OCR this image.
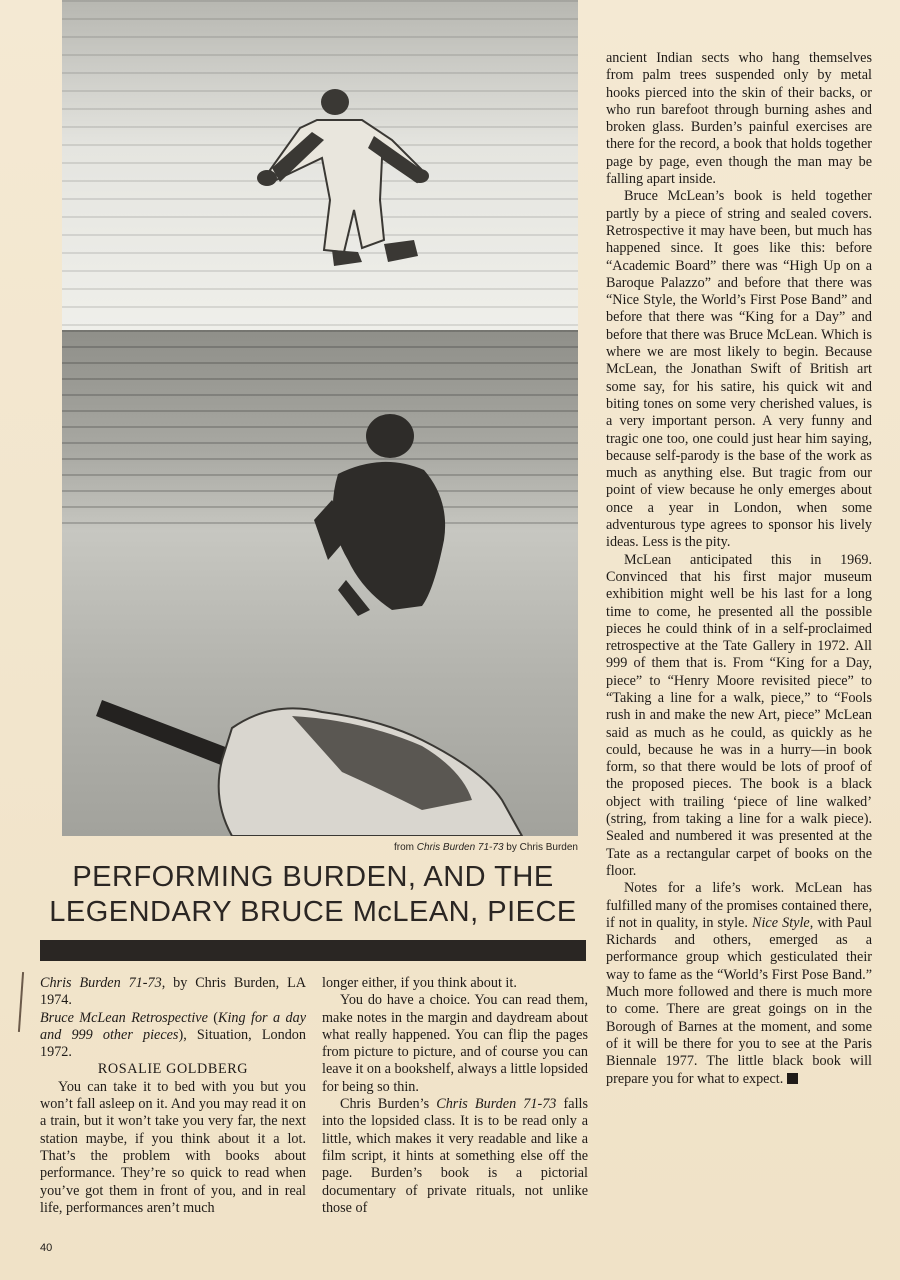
from Chris Burden 71-73 by Chris Burden
PERFORMING BURDEN, AND THE
LEGENDARY BRUCE McLEAN, PIECE

Chris Burden 71-73, by Chris Burden, LA 1974.

Bruce McLean Retrospective (King for a day and 999 other pieces), Situation, London 1972.

ROSALIE GOLDBERG

You can take it to bed with you but you won’t fall asleep on it. And you may read it on a train, but it won’t take you very far, the next station maybe, if you think about it a lot. That’s the problem with books about performance. They’re so quick to read when you’ve got them in front of you, and in real life, performances aren’t much

longer either, if you think about it.

You do have a choice. You can read them, make notes in the margin and daydream about what really happened. You can flip the pages from picture to picture, and of course you can leave it on a bookshelf, always a little lopsided for being so thin.

Chris Burden’s Chris Burden 71-73 falls into the lopsided class. It is to be read only a little, which makes it very readable and like a film script, it hints at something else off the page. Burden’s book is a pictorial documentary of private rituals, not unlike those of

ancient Indian sects who hang themselves from palm trees suspended only by metal hooks pierced into the skin of their backs, or who run barefoot through burning ashes and broken glass. Burden’s painful exercises are there for the record, a book that holds together page by page, even though the man may be falling apart inside.

Bruce McLean’s book is held together partly by a piece of string and sealed covers. Retrospective it may have been, but much has happened since. It goes like this: before “Academic Board” there was “High Up on a Baroque Palazzo” and before that there was “Nice Style, the World’s First Pose Band” and before that there was “King for a Day” and before that there was Bruce McLean. Which is where we are most likely to begin. Because McLean, the Jonathan Swift of British art some say, for his satire, his quick wit and biting tones on some very cherished values, is a very important person. A very funny and tragic one too, one could just hear him saying, because self-parody is the base of the work as much as anything else. But tragic from our point of view because he only emerges about once a year in London, when some adventurous type agrees to sponsor his lively ideas. Less is the pity.

McLean anticipated this in 1969. Convinced that his first major museum exhibition might well be his last for a long time to come, he presented all the possible pieces he could think of in a self-proclaimed retrospective at the Tate Gallery in 1972. All 999 of them that is. From “King for a Day, piece” to “Henry Moore revisited piece” to “Taking a line for a walk, piece,” to “Fools rush in and make the new Art, piece” McLean said as much as he could, as quickly as he could, because he was in a hurry—in book form, so that there would be lots of proof of the proposed pieces. The book is a black object with trailing ‘piece of line walked’ (string, from taking a line for a walk piece). Sealed and numbered it was presented at the Tate as a rectangular carpet of books on the floor.

Notes for a life’s work. McLean has fulfilled many of the promises contained there, if not in quality, in style. Nice Style, with Paul Richards and others, emerged as a performance group which gesticulated their way to fame as the “World’s First Pose Band.” Much more followed and there is much more to come. There are great goings on in the Borough of Barnes at the moment, and some of it will be there for you to see at the Paris Biennale 1977. The little black book will prepare you for what to expect.

40
